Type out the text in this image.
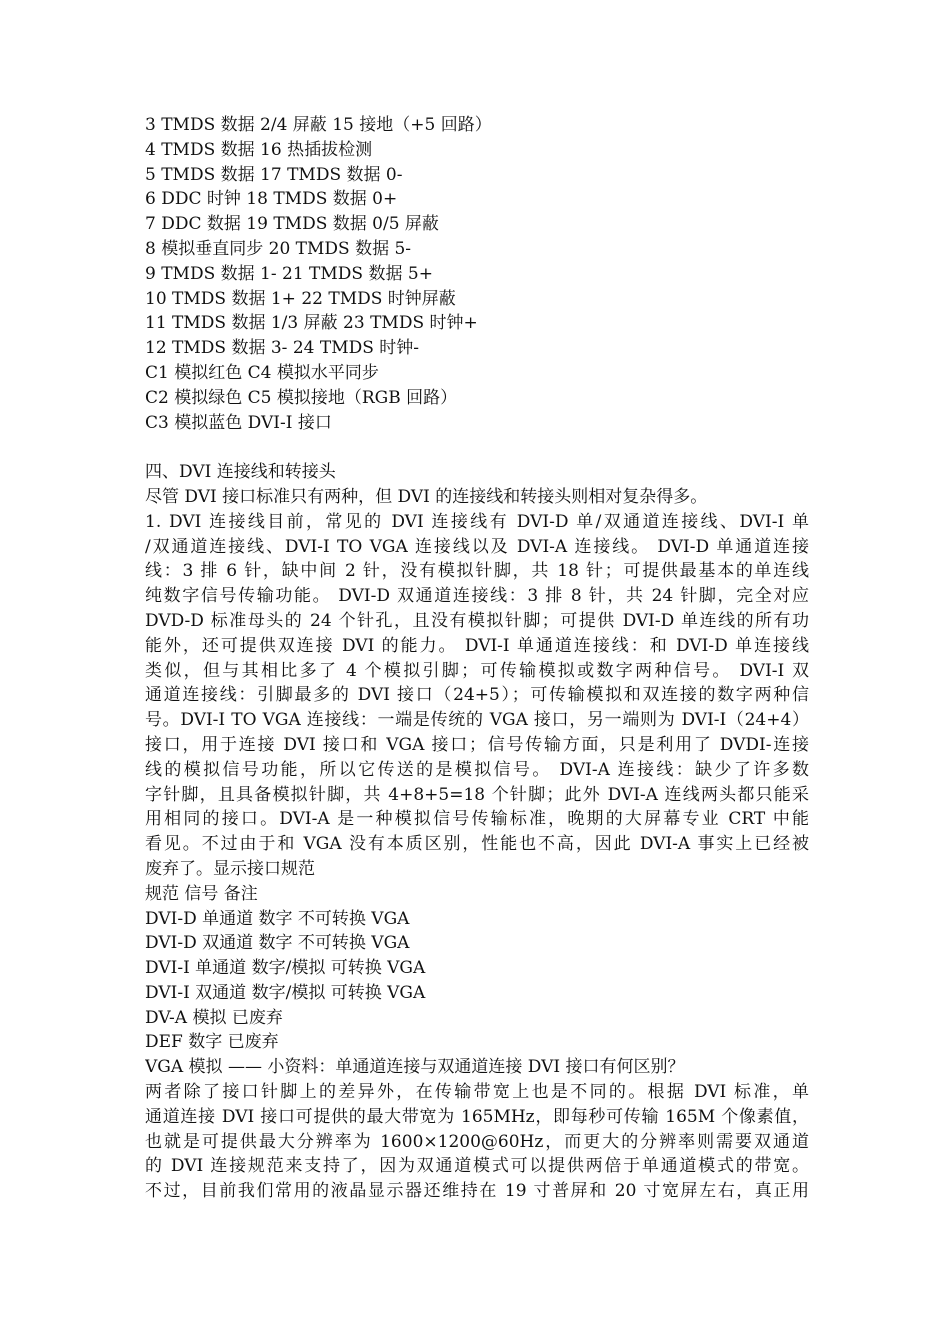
3 TMDS 数据 2/4 屏蔽 15 接地（+5 回路）
4 TMDS 数据 16 热插拔检测
5 TMDS 数据 17 TMDS 数据 0-
6 DDC 时钟 18 TMDS 数据 0+
7 DDC 数据 19 TMDS 数据 0/5 屏蔽
8 模拟垂直同步 20 TMDS 数据 5-
9 TMDS 数据 1- 21 TMDS 数据 5+
10 TMDS 数据 1+ 22 TMDS 时钟屏蔽
11 TMDS 数据 1/3 屏蔽 23 TMDS 时钟+
12 TMDS 数据 3- 24 TMDS 时钟-
C1 模拟红色 C4 模拟水平同步
C2 模拟绿色 C5 模拟接地（RGB 回路）
C3 模拟蓝色 DVI-I 接口
四、DVI 连接线和转接头
尽管 DVI 接口标准只有两种，但 DVI 的连接线和转接头则相对复杂得多。
1. DVI 连接线目前，常见的 DVI 连接线有 DVI-D 单/双通道连接线、DVI-I 单
/双通道连接线、DVI-I TO VGA 连接线以及 DVI-A 连接线。 DVI-D 单通道连接
线：3 排 6 针，缺中间 2 针，没有模拟针脚，共 18 针；可提供最基本的单连线
纯数字信号传输功能。 DVI-D 双通道连接线：3 排 8 针，共 24 针脚，完全对应
DVD-D 标准母头的 24 个针孔，且没有模拟针脚；可提供 DVI-D 单连线的所有功
能外，还可提供双连接 DVI 的能力。 DVI-I 单通道连接线：和 DVI-D 单连接线
类似，但与其相比多了 4 个模拟引脚；可传输模拟或数字两种信号。 DVI-I 双
通道连接线：引脚最多的 DVI 接口（24+5）；可传输模拟和双连接的数字两种信
号。DVI-I TO VGA 连接线：一端是传统的 VGA 接口，另一端则为 DVI-I（24+4）
接口，用于连接 DVI 接口和 VGA 接口；信号传输方面，只是利用了 DVDI-连接
线的模拟信号功能，所以它传送的是模拟信号。 DVI-A 连接线：缺少了许多数
字针脚，且具备模拟针脚，共 4+8+5=18 个针脚；此外 DVI-A 连线两头都只能采
用相同的接口。DVI-A 是一种模拟信号传输标准，晚期的大屏幕专业 CRT 中能
看见。不过由于和 VGA 没有本质区别，性能也不高，因此 DVI-A 事实上已经被
废弃了。显示接口规范
规范 信号 备注
DVI-D 单通道 数字 不可转换 VGA
DVI-D 双通道 数字 不可转换 VGA
DVI-I 单通道 数字/模拟 可转换 VGA
DVI-I 双通道 数字/模拟 可转换 VGA
DV-A 模拟 已废弃
DEF 数字 已废弃
VGA 模拟 —— 小资料：单通道连接与双通道连接 DVI 接口有何区别？
两者除了接口针脚上的差异外，在传输带宽上也是不同的。根据 DVI 标准，单
通道连接 DVI 接口可提供的最大带宽为 165MHz，即每秒可传输 165M 个像素值，
也就是可提供最大分辨率为 1600×1200@60Hz，而更大的分辨率则需要双通道
的 DVI 连接规范来支持了，因为双通道模式可以提供两倍于单通道模式的带宽。
不过，目前我们常用的液晶显示器还维持在 19 寸普屏和 20 寸宽屏左右，真正用
